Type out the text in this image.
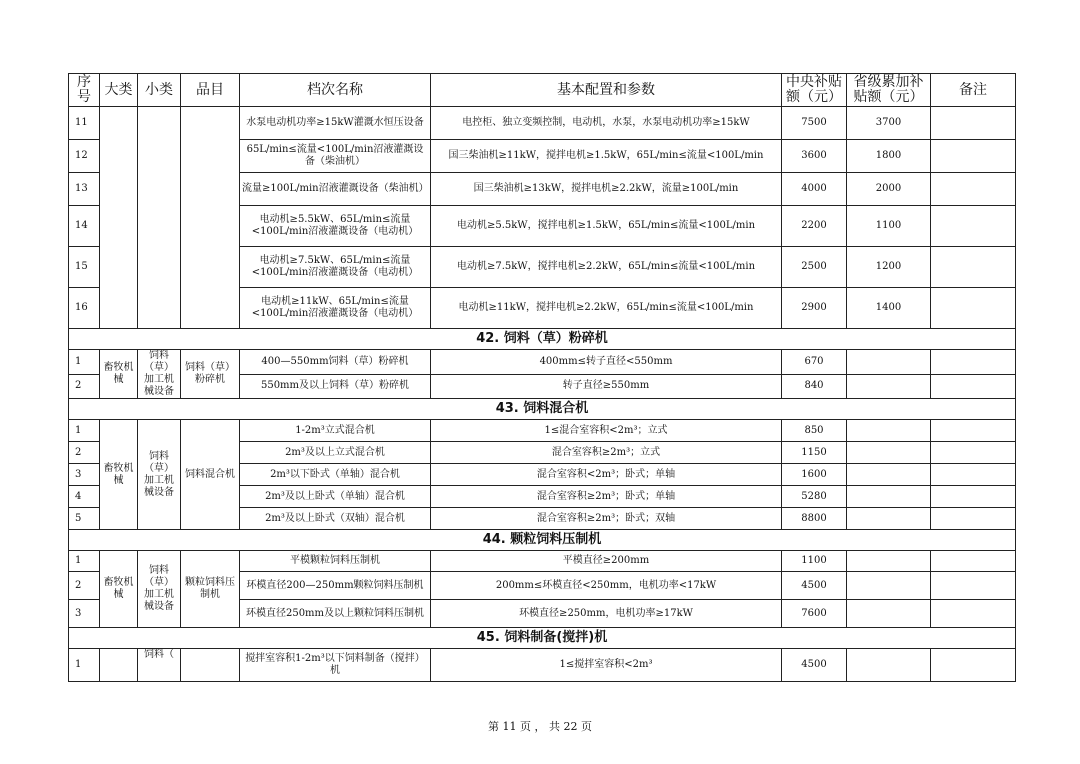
序号	大类	小类	品目	档次名称	基本配置和参数	中央补贴额（元）	省级累加补贴额（元）	备注
11				水泵电动机功率≥15kW灌溉水恒压设备	电控柜、独立变频控制，电动机，水泵，水泵电动机功率≥15kW	7500	3700	
12				65L/min≤流量<100L/min沼液灌溉设备（柴油机）	国三柴油机≥11kW，搅拌电机≥1.5kW，65L/min≤流量<100L/min	3600	1800	
13				流量≥100L/min沼液灌溉设备（柴油机）	国三柴油机≥13kW，搅拌电机≥2.2kW，流量≥100L/min	4000	2000	
14				电动机≥5.5kW、65L/min≤流量<100L/min沼液灌溉设备（电动机）	电动机≥5.5kW，搅拌电机≥1.5kW，65L/min≤流量<100L/min	2200	1100	
15				电动机≥7.5kW、65L/min≤流量<100L/min沼液灌溉设备（电动机）	电动机≥7.5kW，搅拌电机≥2.2kW，65L/min≤流量<100L/min	2500	1200	
16				电动机≥11kW、65L/min≤流量<100L/min沼液灌溉设备（电动机）	电动机≥11kW，搅拌电机≥2.2kW，65L/min≤流量<100L/min	2900	1400	
42. 饲料（草）粉碎机								
1	畜牧机械	饲料（草）加工机械设备	饲料（草）粉碎机	400—550mm饲料（草）粉碎机	400mm≤转子直径<550mm	670		
2				550mm及以上饲料（草）粉碎机	转子直径≥550mm	840		
43. 饲料混合机								
1	畜牧机械	饲料（草）加工机械设备	饲料混合机	1-2m³立式混合机	1≤混合室容积<2m³；立式	850		
2				2m³及以上立式混合机	混合室容积≥2m³；立式	1150		
3				2m³以下卧式（单轴）混合机	混合室容积<2m³；卧式；单轴	1600		
4				2m³及以上卧式（单轴）混合机	混合室容积≥2m³；卧式；单轴	5280		
5				2m³及以上卧式（双轴）混合机	混合室容积≥2m³；卧式；双轴	8800		
44. 颗粒饲料压制机								
1	畜牧机械	饲料（草）加工机械设备	颗粒饲料压制机	平模颗粒饲料压制机	平模直径≥200mm	1100		
2				环模直径200—250mm颗粒饲料压制机	200mm≤环模直径<250mm，电机功率<17kW	4500		
3				环模直径250mm及以上颗粒饲料压制机	环模直径≥250mm，电机功率≥17kW	7600		
45. 饲料制备(搅拌)机								
1		饲料（		搅拌室容积1-2m³以下饲料制备（搅拌）机	1≤搅拌室容积<2m³	4500		
第 11 页 ， 共 22 页
